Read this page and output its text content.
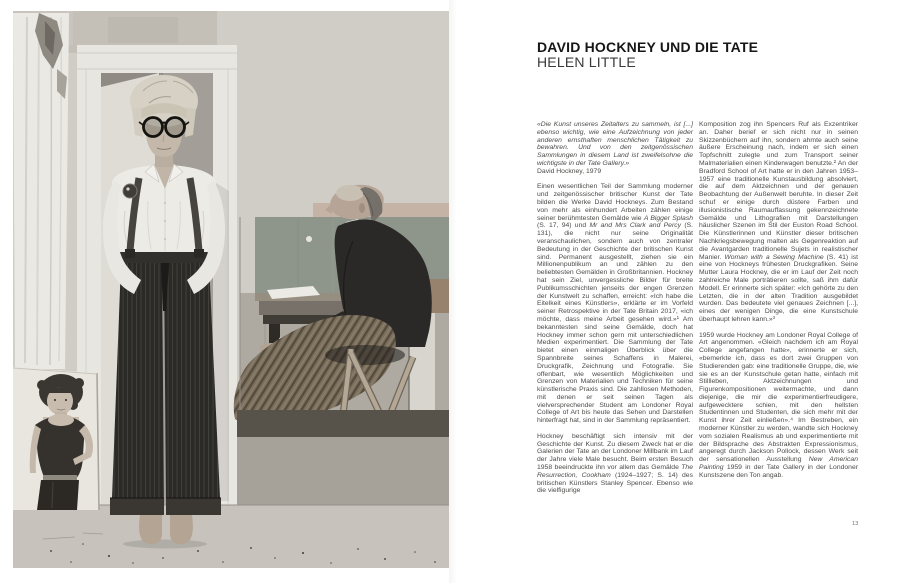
DAVID HOCKNEY UND DIE TATE
HELEN LITTLE

«Die Kunst unseres Zeitalters zu sammeln, ist [...] ebenso wichtig, wie eine Aufzeichnung von jeder anderen ernsthaften menschlichen Tätigkeit zu bewahren. Und von den zeitgenössischen Sammlungen in diesem Land ist zweifelsohne die wichtigste in der Tate Gallery.»

David Hockney, 1979

Einen wesentlichen Teil der Sammlung moderner und zeitgenössischer britischer Kunst der Tate bilden die Werke David Hockneys. Zum Bestand von mehr als einhundert Arbeiten zählen einige seiner berühmtesten Gemälde wie A Bigger Splash (S. 17, 94) und Mr and Mrs Clark and Percy (S. 131), die nicht nur seine Originalität veranschaulichen, sondern auch von zentraler Bedeutung in der Geschichte der britischen Kunst sind. Permanent ausgestellt, ziehen sie ein Millionenpublikum an und zählen zu den beliebtesten Gemälden in Großbritannien. Hockney hat sein Ziel, unvergessliche Bilder für breite Publikumsschichten jenseits der engen Grenzen der Kunstwelt zu schaffen, erreicht: «Ich habe die Eitelkeit eines Künstlers», erklärte er im Vorfeld seiner Retrospektive in der Tate Britain 2017, «ich möchte, dass meine Arbeit gesehen wird.»¹ Am bekanntesten sind seine Gemälde, doch hat Hockney immer schon gern mit unterschiedlichen Medien experimentiert. Die Sammlung der Tate bietet einen einmaligen Überblick über die Spannbreite seines Schaffens in Malerei, Druckgrafik, Zeichnung und Fotografie. Sie offenbart, wie wesentlich Möglichkeiten und Grenzen von Materialien und Techniken für seine künstlerische Praxis sind. Die zahllosen Methoden, mit denen er seit seinen Tagen als vielversprechender Student am Londoner Royal College of Art bis heute das Sehen und Darstellen hinterfragt hat, sind in der Sammlung repräsentiert.

Hockney beschäftigt sich intensiv mit der Geschichte der Kunst. Zu diesem Zweck hat er die Galerien der Tate an der Londoner Millbank im Lauf der Jahre viele Male besucht. Beim ersten Besuch 1958 beeindruckte ihn vor allem das Gemälde The Resurrection, Cookham (1924–1927; S. 14) des britischen Künstlers Stanley Spencer. Ebenso wie die vielfigurige

Komposition zog ihn Spencers Ruf als Exzentriker an. Daher berief er sich nicht nur in seinen Skizzenbüchern auf ihn, sondern ahmte auch seine äußere Erscheinung nach, indem er sich einen Topfschnitt zulegte und zum Transport seiner Malmaterialien einen Kinderwagen benutzte.² An der Bradford School of Art hatte er in den Jahren 1953–1957 eine traditionelle Kunstausbildung absolviert, die auf dem Aktzeichnen und der genauen Beobachtung der Außenwelt beruhte. In dieser Zeit schuf er einige durch düstere Farben und illusionistische Raumauffassung gekennzeichnete Gemälde und Lithografien mit Darstellungen häuslicher Szenen im Stil der Euston Road School. Die Künstlerinnen und Künstler dieser britischen Nachkriegsbewegung malten als Gegenreaktion auf die Avantgarden traditionelle Sujets in realistischer Manier. Woman with a Sewing Machine (S. 41) ist eine von Hockneys frühesten Druckgrafiken. Seine Mutter Laura Hockney, die er im Lauf der Zeit noch zahlreiche Male porträtieren sollte, saß ihm dafür Modell. Er erinnerte sich später: «Ich gehörte zu den Letzten, die in der alten Tradition ausgebildet wurden. Das bedeutete viel genaues Zeichnen [...], eines der wenigen Dinge, die eine Kunstschule überhaupt lehren kann.»³

1959 wurde Hockney am Londoner Royal College of Art angenommen. «Gleich nachdem ich am Royal College angefangen hatte», erinnerte er sich, «bemerkte ich, dass es dort zwei Gruppen von Studierenden gab: eine traditionelle Gruppe, die, wie sie es an der Kunstschule getan hatte, einfach mit Stillleben, Aktzeichnungen und Figurenkompositionen weitermachte, und dann diejenige, die mir die experimentierfreudigere, aufgewecktere schien, mit den hellsten Studentinnen und Studenten, die sich mehr mit der Kunst ihrer Zeit einließen».⁴ Im Bestreben, ein moderner Künstler zu werden, wandte sich Hockney vom sozialen Realismus ab und experimentierte mit der Bildsprache des Abstrakten Expressionismus, angeregt durch Jackson Pollock, dessen Werk seit der sensationellen Ausstellung New American Painting 1959 in der Tate Gallery in der Londoner Kunstszene den Ton angab.

13
